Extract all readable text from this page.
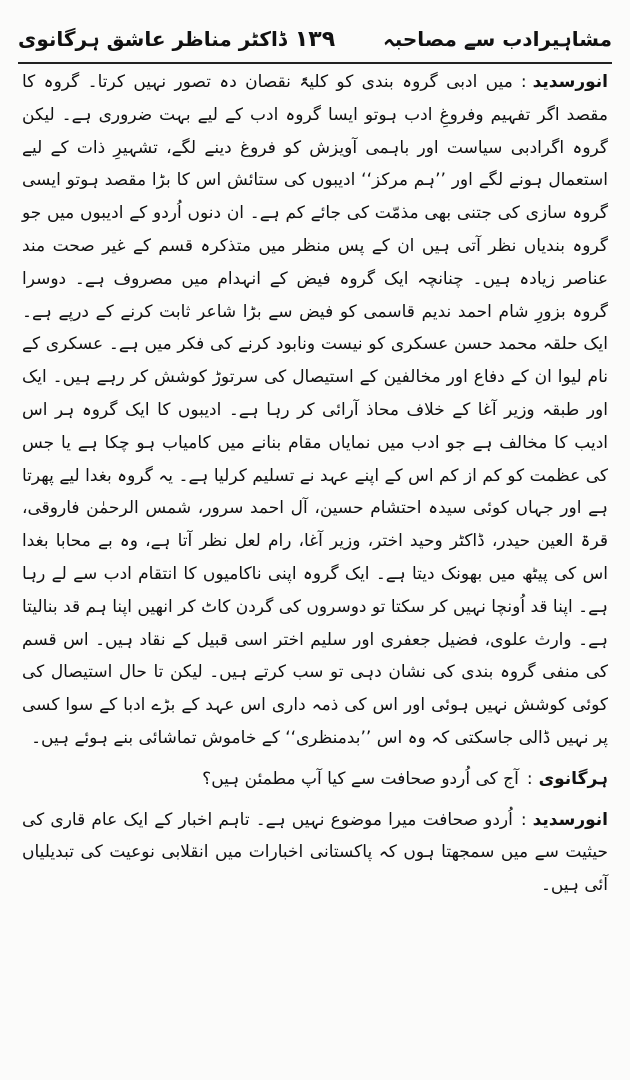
مشاہیرادب سے مصاحبہ
۱۳۹
ڈاکٹر مناظر عاشق ہرگانوی

انورسدید:میں ادبی گروہ بندی کو کلیۃً نقصان دہ تصور نہیں کرتا۔ گروہ کا مقصد اگر تفہیم وفروغِ ادب ہوتو ایسا گروہ ادب کے لیے بہت ضروری ہے۔ لیکن گروہ اگرادبی سیاست اور باہمی آویزش کو فروغ دینے لگے، تشہیرِ ذات کے لیے استعمال ہونے لگے اور ’’ہم مرکز‘‘ ادیبوں کی ستائش اس کا بڑا مقصد ہوتو ایسی گروہ سازی کی جتنی بھی مذمّت کی جائے کم ہے۔ ان دنوں اُردو کے ادیبوں میں جو گروہ بندیاں نظر آتی ہیں ان کے پس منظر میں متذکرہ قسم کے غیر صحت مند عناصر زیادہ ہیں۔ چنانچہ ایک گروہ فیض کے انہدام میں مصروف ہے۔ دوسرا گروہ بزورِ شام احمد ندیم قاسمی کو فیض سے بڑا شاعر ثابت کرنے کے درپے ہے۔ ایک حلقہ محمد حسن عسکری کو نیست ونابود کرنے کی فکر میں ہے۔ عسکری کے نام لیوا ان کے دفاع اور مخالفین کے استیصال کی سرتوڑ کوشش کر رہے ہیں۔ ایک اور طبقہ وزیر آغا کے خلاف محاذ آرائی کر رہا ہے۔ ادیبوں کا ایک گروہ ہر اس ادیب کا مخالف ہے جو ادب میں نمایاں مقام بنانے میں کامیاب ہو چکا ہے یا جس کی عظمت کو کم از کم اس کے اپنے عہد نے تسلیم کرلیا ہے۔ یہ گروہ بغدا لیے پھرتا ہے اور جہاں کوئی سیدہ احتشام حسین، آل احمد سرور، شمس الرحمٰن فاروقی، قرۃ العین حیدر، ڈاکٹر وحید اختر، وزیر آغا، رام لعل نظر آتا ہے، وہ بے محابا بغدا اس کی پیٹھ میں بھونک دیتا ہے۔ ایک گروہ اپنی ناکامیوں کا انتقام ادب سے لے رہا ہے۔ اپنا قد اُونچا نہیں کر سکتا تو دوسروں کی گردن کاٹ کر انھیں اپنا ہم قد بنالیتا ہے۔ وارث علوی، فضیل جعفری اور سلیم اختر اسی قبیل کے نقاد ہیں۔ اس قسم کی منفی گروہ بندی کی نشان دہی تو سب کرتے ہیں۔ لیکن تا حال استیصال کی کوئی کوشش نہیں ہوئی اور اس کی ذمہ داری اس عہد کے بڑے ادبا کے سوا کسی پر نہیں ڈالی جاسکتی کہ وہ اس ’’بدمنظری‘‘ کے خاموش تماشائی بنے ہوئے ہیں۔

ہرگانوی:آج کی اُردو صحافت سے کیا آپ مطمئن ہیں؟

انورسدید:اُردو صحافت میرا موضوع نہیں ہے۔ تاہم اخبار کے ایک عام قاری کی حیثیت سے میں سمجھتا ہوں کہ پاکستانی اخبارات میں انقلابی نوعیت کی تبدیلیاں آئی ہیں۔
